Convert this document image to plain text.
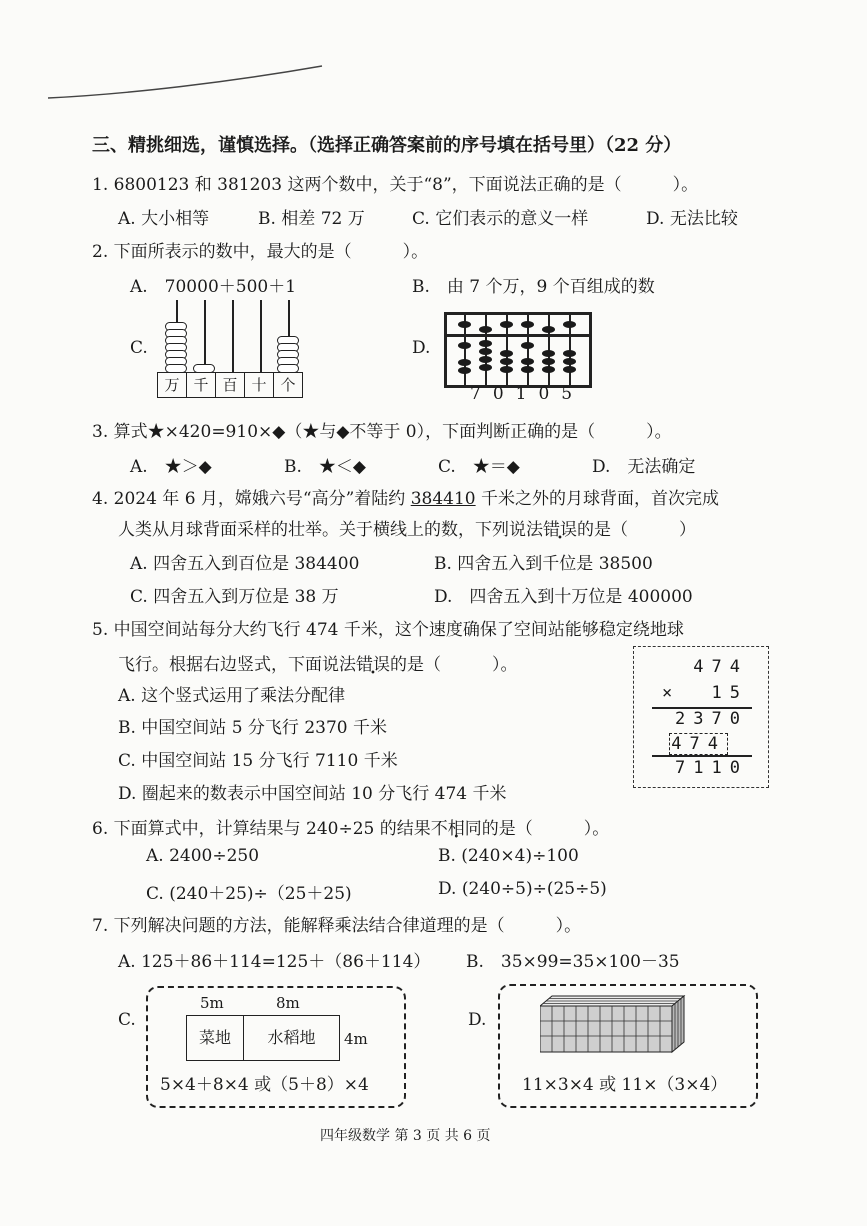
三、精挑细选，谨慎选择。（选择正确答案前的序号填在括号里）（22 分）
1. 6800123 和 381203 这两个数中，关于“8”，下面说法正确的是（　　　）。
A. 大小相等	B. 相差 72 万	C. 它们表示的意义一样	D. 无法比较
2. 下面所表示的数中，最大的是（　　　）。
A.　70000＋500＋1	B.　由 7 个万，9 个百组成的数
C.	D.
万 千 百 十 个	70105
3. 算式★×420=910×◆（★与◆不等于 0），下面判断正确的是（　　　）。
A.　★＞◆	B.　★＜◆	C.　★＝◆	D.　无法确定
4. 2024 年 6 月，嫦娥六号“高分”着陆约 384410 千米之外的月球背面，首次完成
人类从月球背面采样的壮举。关于横线上的数，下列说法错误的是（　　　）
A. 四舍五入到百位是 384400	B. 四舍五入到千位是 38500
C. 四舍五入到万位是 38 万	D.　四舍五入到十万位是 400000
5. 中国空间站每分大约飞行 474 千米，这个速度确保了空间站能够稳定绕地球
飞行。根据右边竖式，下面说法错误的是（　　　）。
A. 这个竖式运用了乘法分配律
B. 中国空间站 5 分飞行 2370 千米
C. 中国空间站 15 分飞行 7110 千米
D. 圈起来的数表示中国空间站 10 分飞行 474 千米
474
× 15
2370
474
7110
6. 下面算式中，计算结果与 240÷25 的结果不相同的是（　　　）。
A. 2400÷250	B. (240×4)÷100
C. (240＋25)÷（25＋25)	D. (240÷5)÷(25÷5)
7. 下列解决问题的方法，能解释乘法结合律道理的是（　　　）。
A. 125＋86＋114=125＋（86＋114） B.　35×99=35×100－35
C.	D.
5m	8m
菜地	水稻地	4m
5×4＋8×4 或（5＋8）×4	11×3×4 或 11×（3×4）
四年级数学 第 3 页 共 6 页
